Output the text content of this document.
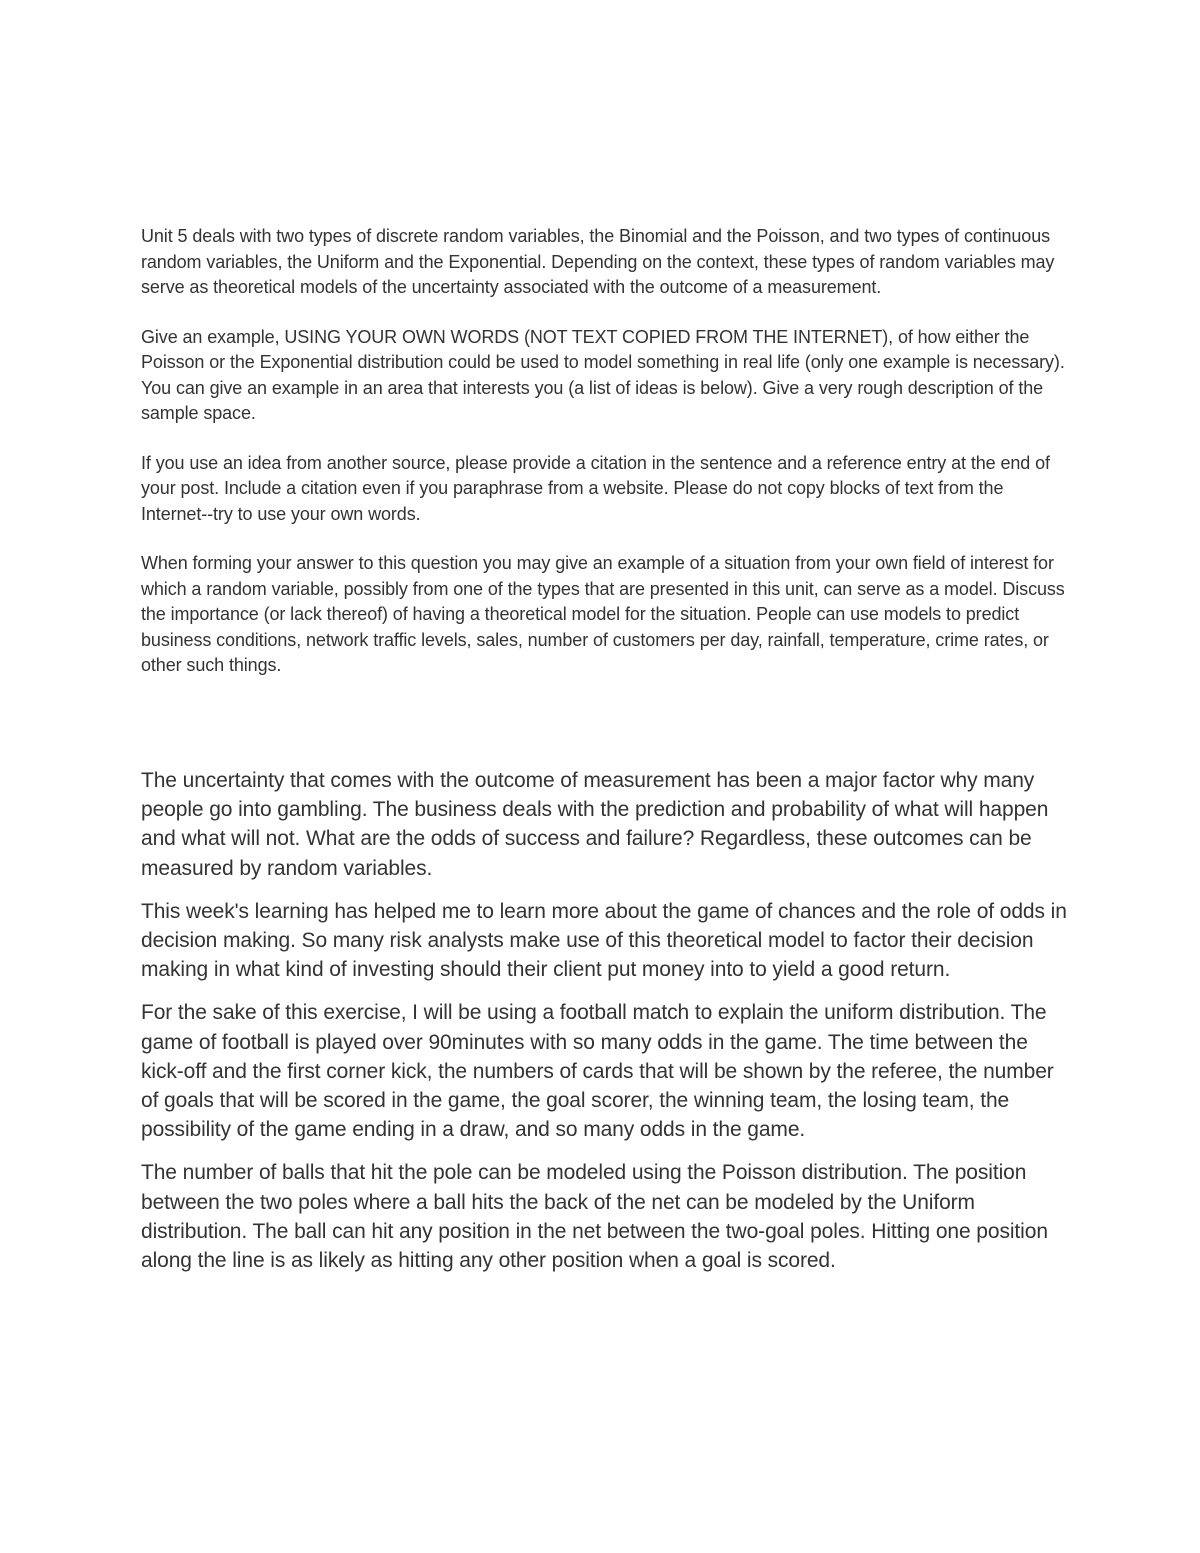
Unit 5 deals with two types of discrete random variables, the Binomial and the Poisson, and two types of continuous random variables, the Uniform and the Exponential. Depending on the context, these types of random variables may serve as theoretical models of the uncertainty associated with the outcome of a measurement.

Give an example, USING YOUR OWN WORDS (NOT TEXT COPIED FROM THE INTERNET), of how either the Poisson or the Exponential distribution could be used to model something in real life (only one example is necessary). You can give an example in an area that interests you (a list of ideas is below). Give a very rough description of the sample space.

If you use an idea from another source, please provide a citation in the sentence and a reference entry at the end of your post. Include a citation even if you paraphrase from a website. Please do not copy blocks of text from the Internet--try to use your own words.

When forming your answer to this question you may give an example of a situation from your own field of interest for which a random variable, possibly from one of the types that are presented in this unit, can serve as a model. Discuss the importance (or lack thereof) of having a theoretical model for the situation. People can use models to predict business conditions, network traffic levels, sales, number of customers per day, rainfall, temperature, crime rates, or other such things.

The uncertainty that comes with the outcome of measurement has been a major factor why many people go into gambling. The business deals with the prediction and probability of what will happen and what will not. What are the odds of success and failure? Regardless, these outcomes can be measured by random variables.

This week's learning has helped me to learn more about the game of chances and the role of odds in decision making. So many risk analysts make use of this theoretical model to factor their decision making in what kind of investing should their client put money into to yield a good return.

For the sake of this exercise, I will be using a football match to explain the uniform distribution. The game of football is played over 90minutes with so many odds in the game. The time between the kick-off and the first corner kick, the numbers of cards that will be shown by the referee, the number of goals that will be scored in the game, the goal scorer, the winning team, the losing team, the possibility of the game ending in a draw, and so many odds in the game.

The number of balls that hit the pole can be modeled using the Poisson distribution. The position between the two poles where a ball hits the back of the net can be modeled by the Uniform distribution. The ball can hit any position in the net between the two-goal poles. Hitting one position along the line is as likely as hitting any other position when a goal is scored.
